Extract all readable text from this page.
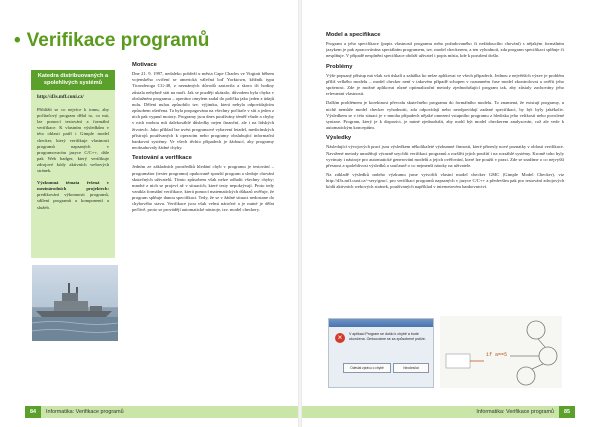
• Verifikace programů
Katedra distribuovaných a spolehlivých systémů
http://d3s.mff.cuni.cz/

Přihlížít se co nejvíce k tomu, aby počítačový program dělal to, co má, lze pomocí testování a formální verifikace. K vlastním výsledkům v této oblasti patří i Gimple model checker, který verifikuje vlastnosti programů napsaných v programovacím jazyce C/C++, dále pak Web badger, který verifikuje zdrojové kódy aktivních webových stránek.

Výzkumná témata řešená v mezinárodních projektech: predikování výkonnosti programů, sdílení programů a komponentí a služeb.

Motivace

Dne 21. 9. 1997, nedaleko pobřeží u města Cape Charles ve Virginii během vojenského cvičení se americká válečná loď Yorktown, křižník typu Ticonderoga CG-48, z neznámých důvodů zastavila a skoro tři hodiny zůstala nehybně stát na moři. Jak se později ukázalo, důvodem byla chyba v obslužném programu – operátor omylem zadal do políčka jako jeden z údajů nulu. Dělení nulou způsobilo tzv. výjimku, která nebyla odpovídajícím způsobem ošetřena. Ta byla propagována na všechny počítače v síti a jeden z nich pak vypnul motory. Programy jsou dnes používány téměř všude a chyby v nich mohou mít dalekosáhlé důsledky nejen finanční, ale i na lidských životech. Jako příklad lze uvést programové vybavení letadel, medicínských přístrojů používaných k operacím nebo programy obsluhující informační bankovní systémy. Ve všech těchto případech je žádoucí, aby programy neobsahovaly žádné chyby.

Testování a verifikace

Jedním ze základních prostředků hledání chyb v programu je testování – programátor (tester programu) opakovaně spouští program a sleduje chování skutečných uživatelů. Tímto způsobem však nelze odhalit všechny chyby; mnohé z nich se projeví až v situacích, které testy nepokrývají. Proto tedy vznikla formální verifikace, která pomocí matematických důkazů ověřuje, že program splňuje danou specifikaci. Tedy, že se v žádné situaci nedostane do chybového stavu. Verifikace jsou však velmi náročné a je nutné je dělat pečlivě, proto se provádějí automatické nástroje, tzv. model checkery.

Model a specifikace

Program a jeho specifikace (popis vlastností programu nebo požadovaného či nežádoucího chování) s nějakým formálním jazykem je pak zpracovávána speciálním programem, tzv. model checkerem, a ten vyhodnotí, zda program specifikaci splňuje či nesplňuje. V případě nesplnění specifikace obdrží uživatel i popis místa, kde k porušení došlo.

Problémy

Výše popsaný přístup má však svá úskalí a zahálka ho nelze aplikovat ve všech případech. Jednou z největších výzev je problém příliš velkého modelu – model checker není v takovém případě schopen v rozumném čase model zkontrolovat a ověřit jeho správnost. Zde je možné aplikovat různé optimalizační metody zjednodušující program tak, aby zůstaly zachovány jeho relevantní vlastnosti.

Dalším problémem je korektnost převodu skutečného programu do formálního modelu. To znamená, že existují programy, u nichž nemůže model checker vyhodnotit, zda odpovídají nebo neodpovídají zadané specifikaci, by být byly jakékoliv. Výsledkem se v této situaci je v mnoha případech nějaké omezení vstupního programu z hlediska jeho velikosti nebo povolené syntaxe. Program, který je k dispozici, je nutné zjednodušit, aby mohl být model checkerem analyzován, což ale vede k automatickým konceptům.

Výsledky

Následující vývojových prací jsou výsledkem několikaleté výzkumné činnosti, které přinesly nové poznatky v oblasti verifikace. Navržené metody umožňují výrazně urychlit verifikaci programů a rozšířit jejich použití i na rozsáhlé systémy. Kromě toho byly vyvinuty i nástroje pro automatické generování modelů a jejich ověřování, které lze použít v praxi. Zde se snažíme o co nejvyšší přesnost a spolehlivost výsledků a současně o co nejmenší nároky na uživatele.

Na základě výsledků našeho výzkumu jsme vytvořili vlastní model checker GMC (Gimple Model Checker), viz http://d3s.mff.cuni.cz/~sery/gmc/, pro verifikaci programů napsaných v jazyce C/C++ a především pak pro testování zdrojových kódů aktivních webových stránek, používaných například v internetovém bankovnictví.

×	V aplikaci Program se došlo k chybě a bude ukončena. Omlouváme se za způsobené potíže.
Odeslat zprávu o chybě	Neodesílat
1f a==5
84 Informatika: Verifikace programů	Informatika: Verifikace programů 85
